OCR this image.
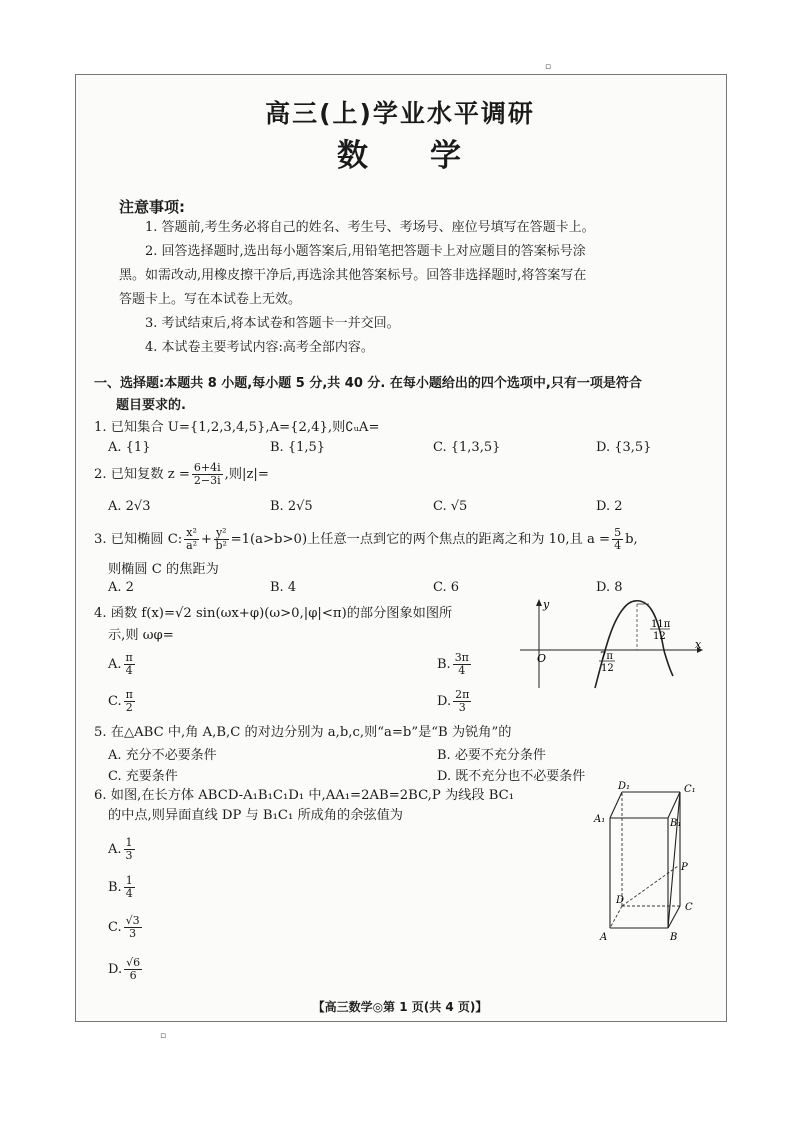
▫
高三(上)学业水平调研
数 学
注意事项:
1. 答题前,考生务必将自己的姓名、考生号、考场号、座位号填写在答题卡上。
2. 回答选择题时,选出每小题答案后,用铅笔把答题卡上对应题目的答案标号涂
黑。如需改动,用橡皮擦干净后,再选涂其他答案标号。回答非选择题时,将答案写在
答题卡上。写在本试卷上无效。
3. 考试结束后,将本试卷和答题卡一并交回。
4. 本试卷主要考试内容:高考全部内容。
一、选择题:本题共 8 小题,每小题 5 分,共 40 分. 在每小题给出的四个选项中,只有一项是符合
题目要求的.
1. 已知集合 U={1,2,3,4,5},A={2,4},则∁ᵤA=
A. {1}	B. {1,5}	C. {1,3,5}	D. {3,5}
2. 已知复数 $z = \frac{6+4i}{2-3i}$ ,则|z|=
A. 2√3	B. 2√5	C. √5	D. 2
3. 已知椭圆 C: $\frac{\text{x²}}{\text{a²}} + \frac{\text{y²}}{\text{b²}} =1(a>b>0)$上任意一点到它的两个焦点的距离之和为 10,且 $a = \frac{5}{4} b$,
则椭圆 C 的焦距为
A. 2	B. 4	C. 6	D. 8
4. 函数 f(x)=√2 sin(ωx+φ)(ω>0,|φ|<π)的部分图象如图所
示,则 ωφ=
A. $\frac{\pi}{4}$	B. $\frac{3\pi}{4}$
C. $\frac{\pi}{2}$	D. $\frac{2\pi}{3}$
x
y
O	7π
12
11π
12
5. 在△ABC 中,角 A,B,C 的对边分别为 a,b,c,则“a=b”是“B 为锐角”的
A. 充分不必要条件	B. 必要不充分条件
C. 充要条件	D. 既不充分也不必要条件
6. 如图,在长方体 ABCD-A₁B₁C₁D₁ 中,AA₁=2AB=2BC,P 为线段 BC₁
的中点,则异面直线 DP 与 B₁C₁ 所成角的余弦值为
A. $\frac{1}{3}$
B. $\frac{1}{4}$
C. $\frac{√3}{3}$
D. $\frac{√6}{6}$
D₁	C₁
A₁	B₁
P
D
C
A	B
【高三数学◎第 1 页(共 4 页)】
▫
